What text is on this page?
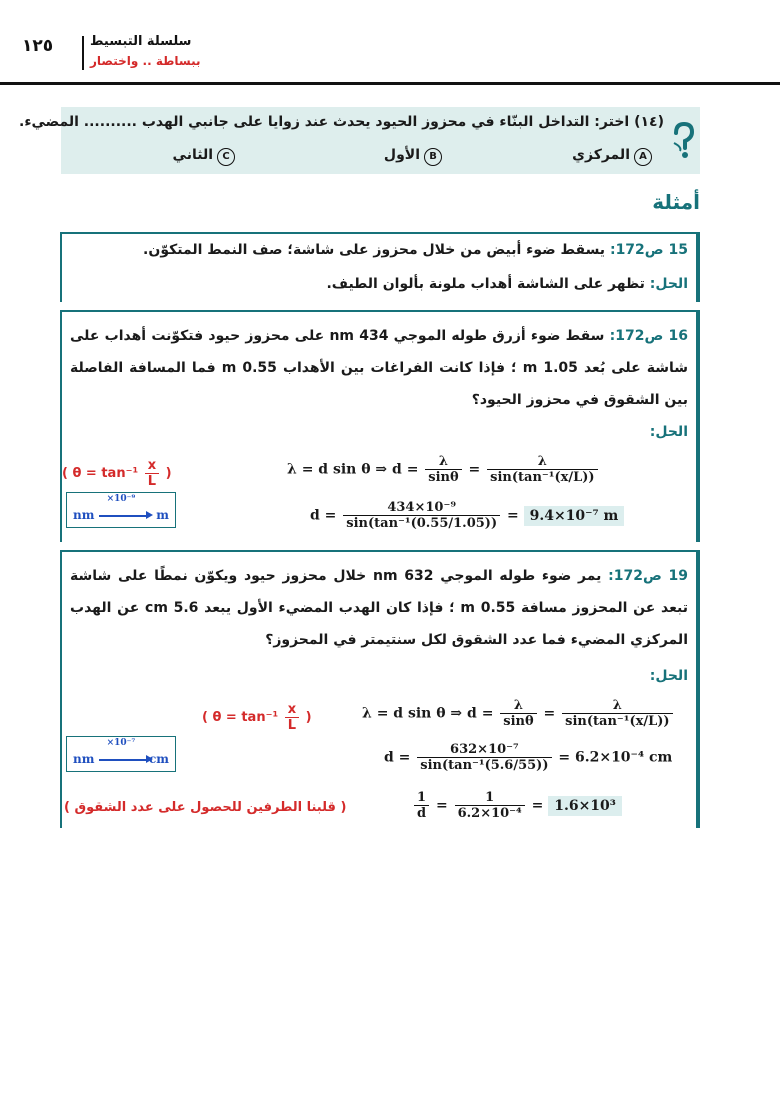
١٢٥	سلسلة التبسيط
ببساطة .. واختصار
(١٤) اختر: التداخل البنّاء في محزوز الحيود يحدث عند زوايا على جانبي الهدب .......... المضيء.
Aالمركزي
Bالأول
Cالثاني
أمثلة

15 ص172: يسقط ضوء أبيض من خلال محزوز على شاشة؛ صف النمط المتكوّن.

الحل: تظهر على الشاشة أهداب ملونة بألوان الطيف.

16 ص172: سقط ضوء أزرق طوله الموجي 434 nm على محزوز حيود فتكوّنت أهداب على شاشة على بُعد 1.05 m ؛ فإذا كانت الفراغات بين الأهداب 0.55 m فما المسافة الفاصلة بين الشقوق في محزوز الحيود؟

الحل:

( $\theta = \tan^{-1} \frac{x}{L}$ )
×10⁻⁹
nm	m
λ = d sin θ ⇒ $d = \frac{\lambda}{\sin\theta} = \frac{\lambda}{\text{sin(tan⁻¹(x/L))}}$
$d = \frac{\text{434×10⁻⁹}}{\text{sin(tan⁻¹(0.55/1.05))}} = 9.4\times 10^{-7}$ m

19 ص172: يمر ضوء طوله الموجي 632 nm خلال محزوز حيود ويكوّن نمطًا على شاشة تبعد عن المحزوز مسافة 0.55 m ؛ فإذا كان الهدب المضيء الأول يبعد 5.6 cm عن الهدب المركزي المضيء فما عدد الشقوق لكل سنتيمتر في المحزوز؟

الحل:

( $\theta = \tan^{-1} \frac{x}{L}$ )	λ = d sin θ ⇒ $d = \frac{\lambda}{\sin\theta} = \frac{\lambda}{\text{sin(tan⁻¹(x/L))}}$
×10⁻⁷
nm	cm	$d = \frac{\text{632×10⁻⁷}}{\text{sin(tan⁻¹(5.6/55))}} = 6.2\times 10^{-4}$ cm
( قلبنا الطرفين للحصول على عدد الشقوق )	$\frac{1}{d} = \frac{1}{\text{6.2×10⁻⁴}} = 1.6\times 10^3$
